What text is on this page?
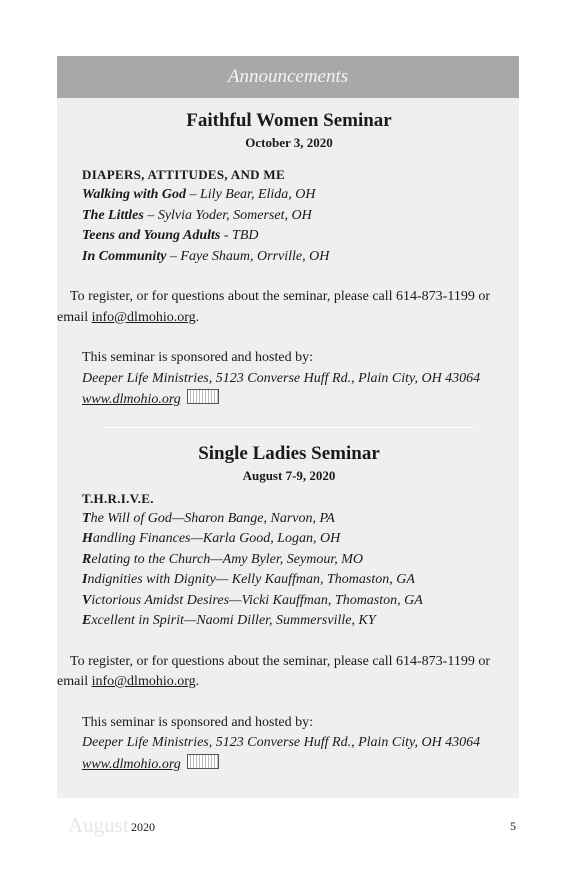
Announcements
Faithful Women Seminar
October 3, 2020
DIAPERS, ATTITUDES, AND ME
Walking with God – Lily Bear, Elida, OH
The Littles – Sylvia Yoder, Somerset, OH
Teens and Young Adults - TBD
In Community – Faye Shaum, Orrville, OH
To register, or for questions about the seminar, please call 614-873-1199 or email info@dlmohio.org.
This seminar is sponsored and hosted by:
Deeper Life Ministries, 5123 Converse Huff Rd., Plain City, OH 43064
www.dlmohio.org
Single Ladies Seminar
August 7-9, 2020
T.H.R.I.V.E.
The Will of God—Sharon Bange, Narvon, PA
Handling Finances—Karla Good, Logan, OH
Relating to the Church—Amy Byler, Seymour, MO
Indignities with Dignity— Kelly Kauffman, Thomaston, GA
Victorious Amidst Desires—Vicki Kauffman, Thomaston, GA
Excellent in Spirit—Naomi Diller, Summersville, KY
To register, or for questions about the seminar, please call 614-873-1199 or email info@dlmohio.org.
This seminar is sponsored and hosted by:
Deeper Life Ministries, 5123 Converse Huff Rd., Plain City, OH 43064
www.dlmohio.org
August 2020	5
